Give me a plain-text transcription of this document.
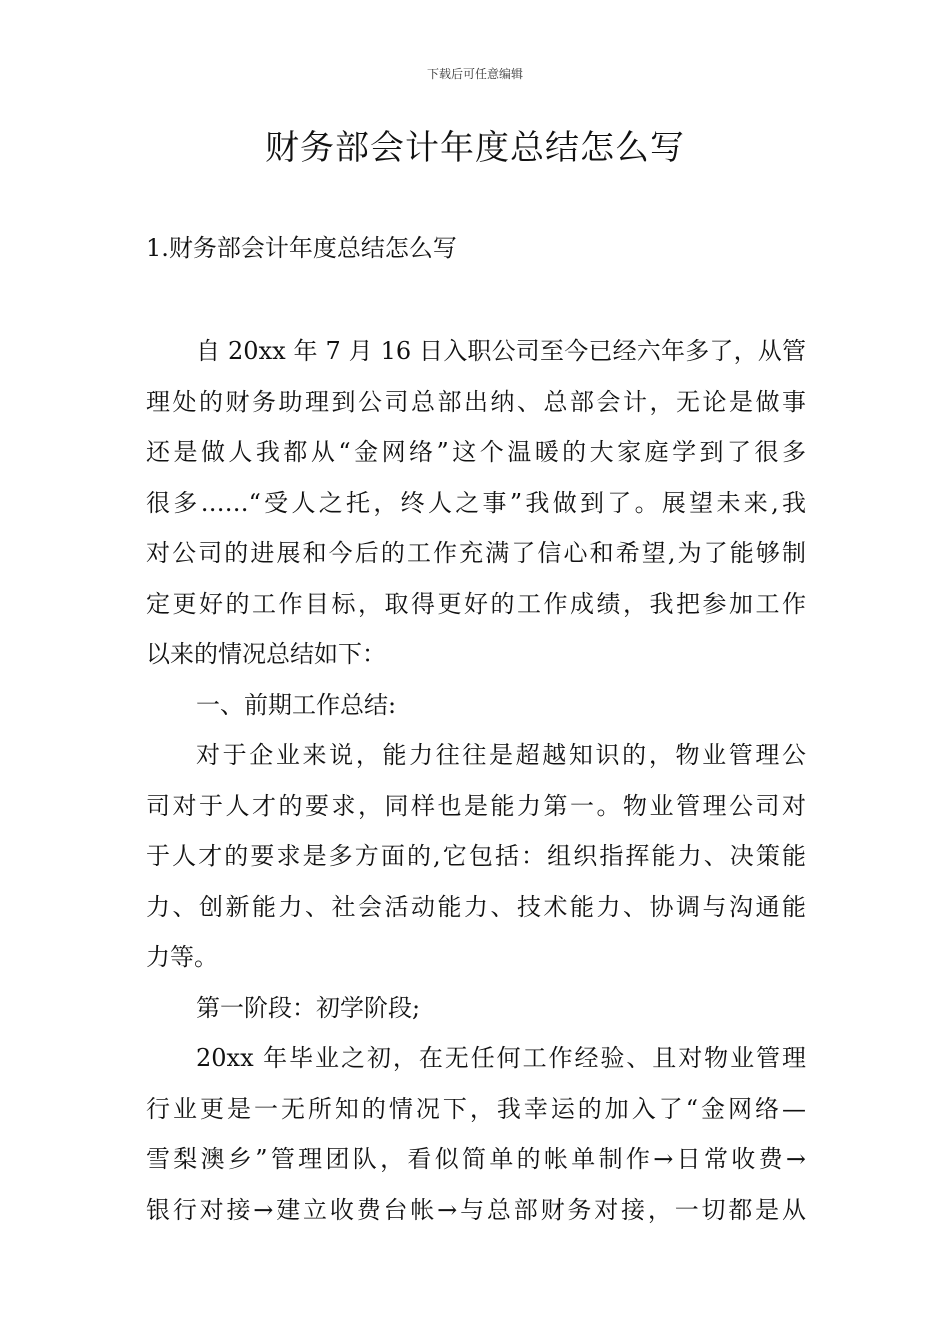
下载后可任意编辑
财务部会计年度总结怎么写
1.财务部会计年度总结怎么写
自 20xx 年 7 月 16 日入职公司至今已经六年多了，从管
理处的财务助理到公司总部出纳、总部会计，无论是做事
还是做人我都从“金网络”这个温暖的大家庭学到了很多
很多……“受人之托，终人之事”我做到了。展望未来,我
对公司的进展和今后的工作充满了信心和希望,为了能够制
定更好的工作目标，取得更好的工作成绩，我把参加工作
以来的情况总结如下：
一、前期工作总结:
对于企业来说，能力往往是超越知识的，物业管理公
司对于人才的要求，同样也是能力第一。物业管理公司对
于人才的要求是多方面的,它包括：组织指挥能力、决策能
力、创新能力、社会活动能力、技术能力、协调与沟通能
力等。
第一阶段：初学阶段;
20xx 年毕业之初，在无任何工作经验、且对物业管理
行业更是一无所知的情况下，我幸运的加入了“金网络—
雪梨澳乡”管理团队，看似简单的帐单制作→日常收费→
银行对接→建立收费台帐→与总部财务对接，一切都是从
